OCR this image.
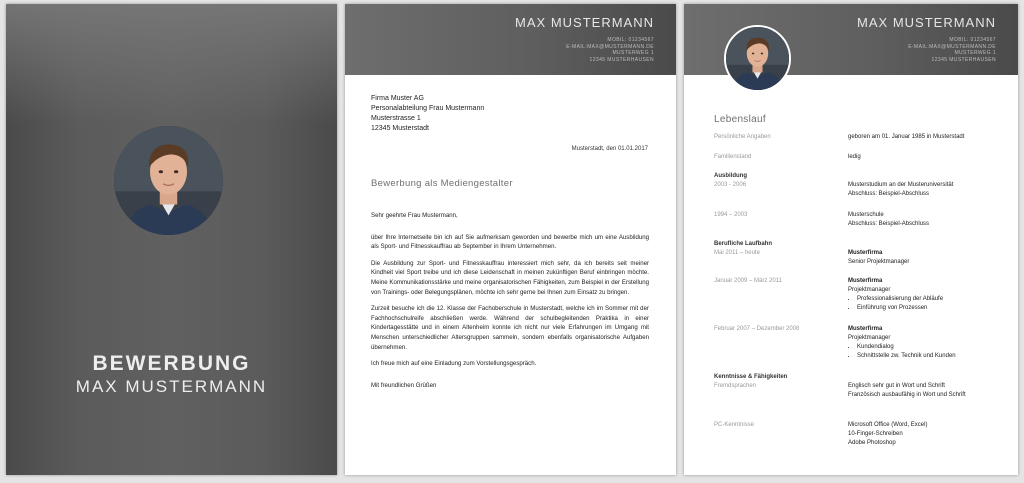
BEWERBUNG
MAX MUSTERMANN
MAX MUSTERMANN
MOBIL: 01234567
E-MAIL:MAX@MUSTERMANN.DE
MUSTERWEG 1
12345 MUSTERHAUSEN
Firma Muster AG
Personalabteilung Frau Mustermann
Musterstrasse 1
12345 Musterstadt
Musterstadt, den 01.01.2017
Bewerbung als Mediengestalter

Sehr geehrte Frau Mustermann,

über Ihre Internetseite bin ich auf Sie aufmerksam geworden und bewerbe mich um eine Ausbildung als Sport- und Fitnesskauffrau ab September in Ihrem Unternehmen.

Die Ausbildung zur Sport- und Fitnesskauffrau interessiert mich sehr, da ich bereits seit meiner Kindheit viel Sport treibe und ich diese Leidenschaft in meinen zukünftigen Beruf einbringen möchte. Meine Kommunikationsstärke und meine organisatorischen Fähigkeiten, zum Beispiel in der Erstellung von Trainings- oder Belegungsplänen, möchte ich sehr gerne bei Ihnen zum Einsatz zu bringen.

Zurzeit besuche ich die 12. Klasse der Fachoberschule in Musterstadt, welche ich im Sommer mit der Fachhochschulreife abschließen werde. Während der schulbegleitenden Praktika in einer Kindertagesstätte und in einem Altenheim konnte ich nicht nur viele Erfahrungen im Umgang mit Menschen unterschiedlicher Altersgruppen sammeln, sondern ebenfalls organisatorische Aufgaben übernehmen.

Ich freue mich auf eine Einladung zum Vorstellungsgespräch.

Mit freundlichen Grüßen

MAX MUSTERMANN
MOBIL: 01234567
E-MAIL:MAX@MUSTERMANN.DE
MUSTERWEG 1
12345 MUSTERHAUSEN
Lebenslauf
Persönliche Angaben	geboren am 01. Januar 1985 in Musterstadt
Familienstand	ledig
Ausbildung
2003 - 2006	Musterstudium an der Musteruniversität
Abschluss: Beispiel-Abschluss
1994 – 2003	Musterschule
Abschluss: Beispiel-Abschluss
Berufliche Laufbahn
Mai 2011 – heute	Musterfirma
Senior Projektmanager
Januar 2009 – März 2011	Musterfirma
Projektmanager
• Professionalisierung der Abläufe
• Einführung von Prozessen
Februar 2007 – Dezember 2008	Musterfirma
Projektmanager
• Kundendialog
• Schnittstelle zw. Technik und Kunden
Kenntnisse & Fähigkeiten
Fremdsprachen	Englisch sehr gut in Wort und Schrift
Französisch ausbaufähig in Wort und Schrift
PC-Kenntnisse	Microsoft Office (Word, Excel)
10-Finger-Schreiben
Adobe Photoshop
